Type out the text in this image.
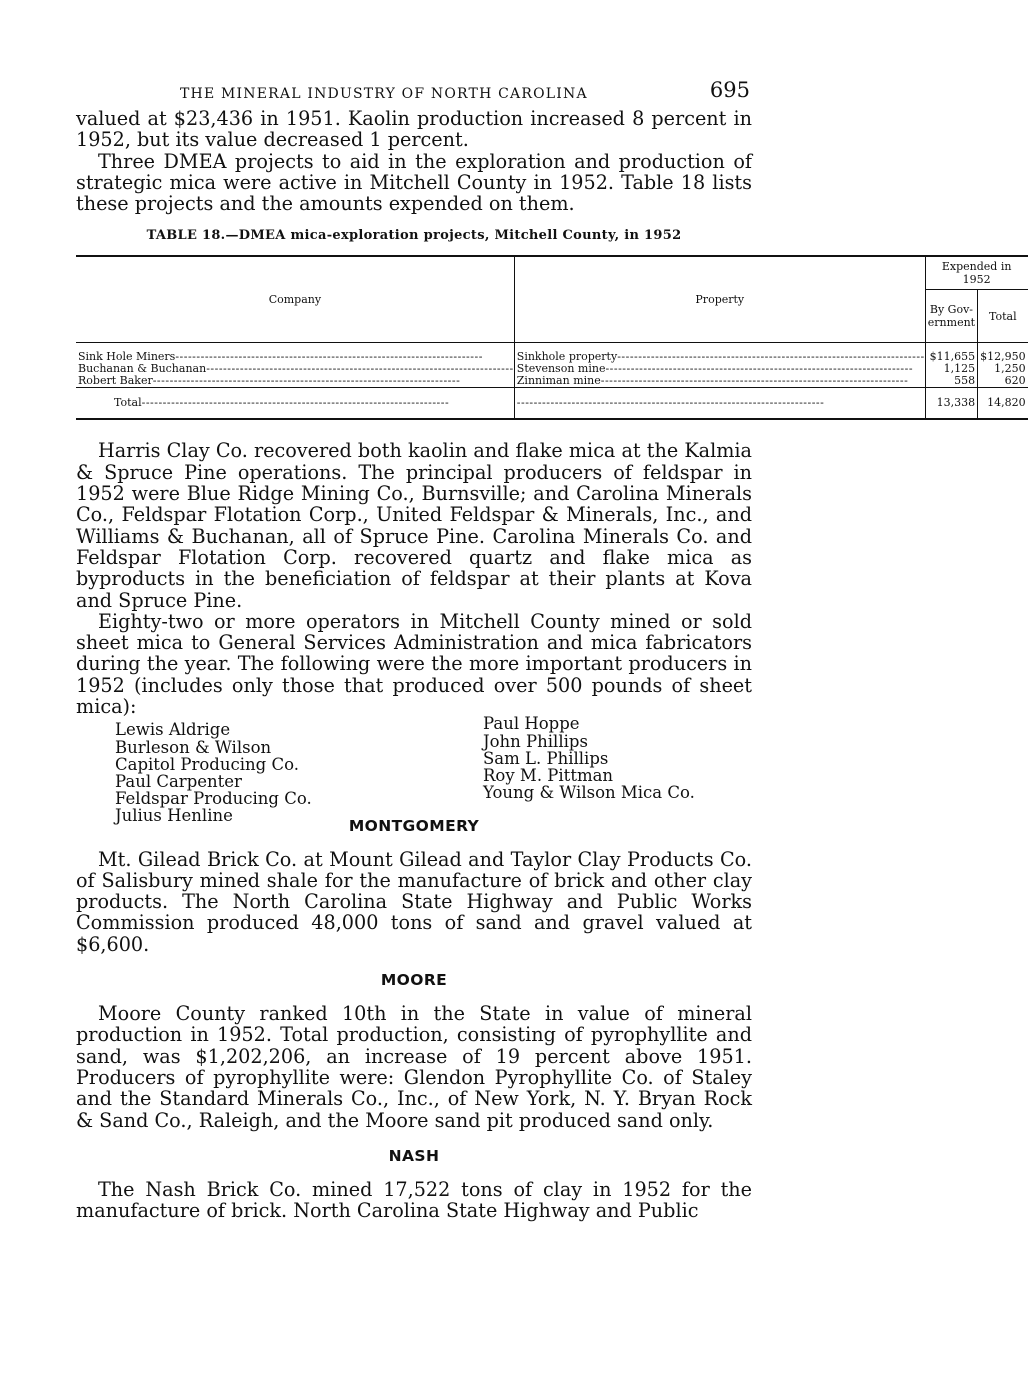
THE MINERAL INDUSTRY OF NORTH CAROLINA	695

valued at $23,436 in 1951. Kaolin production increased 8 percent in 1952, but its value decreased 1 percent.

Three DMEA projects to aid in the exploration and production of strategic mica were active in Mitchell County in 1952. Table 18 lists these projects and the amounts expended on them.

TABLE 18.—DMEA mica-exploration projects, Mitchell County, in 1952
Company	Property	Expended in 1952	
		By Gov-ernment	Total

Sink Hole Miners - - -	Sinkhole property - - -	$11,655	$12,950
Buchanan & Buchanan - - -	Stevenson mine - - -	1,125	1,250
Robert Baker - - -	Zinniman mine - - -	558	620
Total - - -	- - -	13,338	14,820

Harris Clay Co. recovered both kaolin and flake mica at the Kalmia & Spruce Pine operations. The principal producers of feldspar in 1952 were Blue Ridge Mining Co., Burnsville; and Carolina Minerals Co., Feldspar Flotation Corp., United Feldspar & Minerals, Inc., and Williams & Buchanan, all of Spruce Pine. Carolina Minerals Co. and Feldspar Flotation Corp. recovered quartz and flake mica as byproducts in the beneficiation of feldspar at their plants at Kova and Spruce Pine.

Eighty-two or more operators in Mitchell County mined or sold sheet mica to General Services Administration and mica fabricators during the year. The following were the more important producers in 1952 (includes only those that produced over 500 pounds of sheet mica):

Lewis Aldrige
Burleson & Wilson
Capitol Producing Co.
Paul Carpenter
Feldspar Producing Co.
Julius Henline
Paul Hoppe
John Phillips
Sam L. Phillips
Roy M. Pittman
Young & Wilson Mica Co.
MONTGOMERY

Mt. Gilead Brick Co. at Mount Gilead and Taylor Clay Products Co. of Salisbury mined shale for the manufacture of brick and other clay products. The North Carolina State Highway and Public Works Commission produced 48,000 tons of sand and gravel valued at $6,600.

MOORE

Moore County ranked 10th in the State in value of mineral production in 1952. Total production, consisting of pyrophyllite and sand, was $1,202,206, an increase of 19 percent above 1951. Producers of pyrophyllite were: Glendon Pyrophyllite Co. of Staley and the Standard Minerals Co., Inc., of New York, N. Y. Bryan Rock & Sand Co., Raleigh, and the Moore sand pit produced sand only.

NASH

The Nash Brick Co. mined 17,522 tons of clay in 1952 for the manufacture of brick. North Carolina State Highway and Public
